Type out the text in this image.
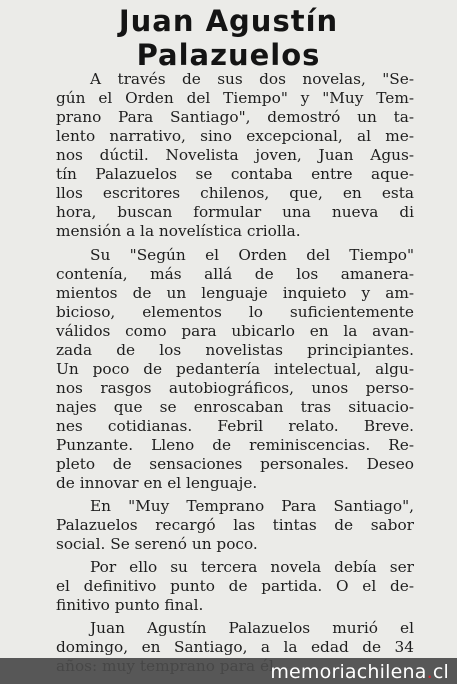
Juan Agustín
Palazuelos
A través de sus dos novelas, "Se-
gún el Orden del Tiempo" y "Muy Tem-
prano Para Santiago", demostró un ta-
lento narrativo, sino excepcional, al me-
nos dúctil. Novelista joven, Juan Agus-
tín Palazuelos se contaba entre aque-
llos escritores chilenos, que, en esta
hora, buscan formular una nueva di
mensión a la novelística criolla.
Su "Según el Orden del Tiempo"
contenía, más allá de los amanera-
mientos de un lenguaje inquieto y am-
bicioso, elementos lo suficientemente
válidos como para ubicarlo en la avan-
zada de los novelistas principiantes.
Un poco de pedantería intelectual, algu-
nos rasgos autobiográficos, unos perso-
najes que se enroscaban tras situacio-
nes cotidianas. Febril relato. Breve.
Punzante. Lleno de reminiscencias. Re-
pleto de sensaciones personales. Deseo
de innovar en el lenguaje.
En "Muy Temprano Para Santiago",
Palazuelos recargó las tintas de sabor
social. Se serenó un poco.
Por ello su tercera novela debía ser
el definitivo punto de partida. O el de-
finitivo punto final.
Juan Agustín Palazuelos murió el
domingo, en Santiago, a la edad de 34
memoriachilena.cl
